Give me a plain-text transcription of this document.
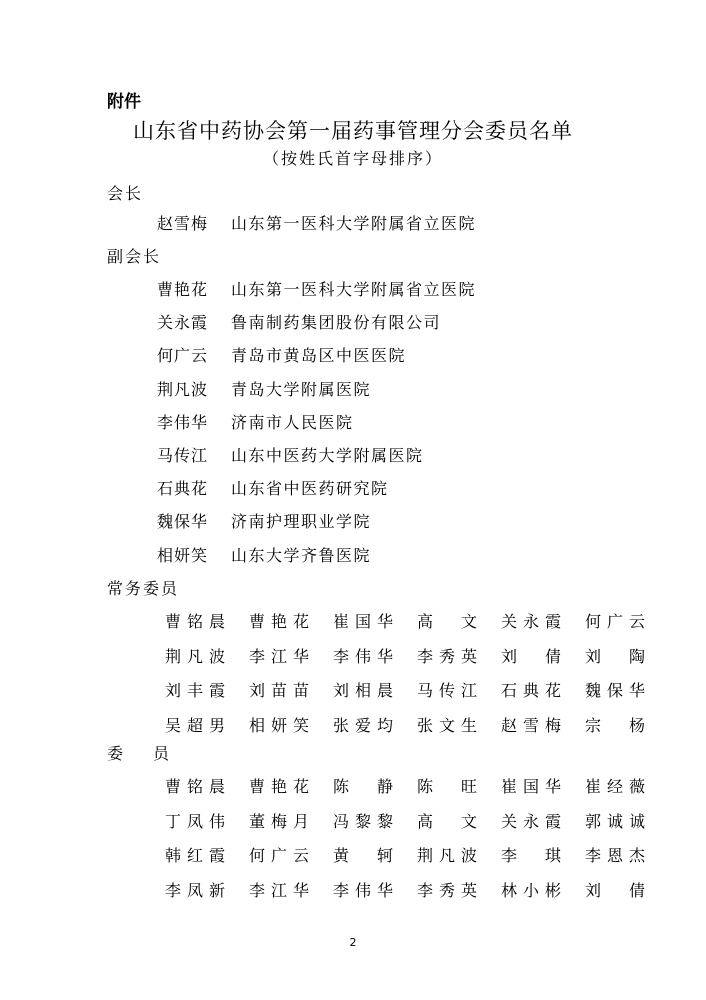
附件
山东省中药协会第一届药事管理分会委员名单
（按姓氏首字母排序）
会长
赵雪梅 山东第一医科大学附属省立医院
副会长
曹艳花 山东第一医科大学附属省立医院
关永霞 鲁南制药集团股份有限公司
何广云 青岛市黄岛区中医医院
荆凡波 青岛大学附属医院
李伟华 济南市人民医院
马传江 山东中医药大学附属医院
石典花 山东省中医药研究院
魏保华 济南护理职业学院
相妍笑 山东大学齐鲁医院
常务委员
曹铭晨 曹艳花 崔国华 高文 关永霞 何广云
荆凡波 李江华 李伟华 李秀英 刘倩 刘陶
刘丰霞 刘苗苗 刘相晨 马传江 石典花 魏保华
吴超男 相妍笑 张爱均 张文生 赵雪梅 宗杨
委员
曹铭晨 曹艳花 陈静 陈旺 崔国华 崔经薇
丁凤伟 董梅月 冯黎黎 高文 关永霞 郭诚诚
韩红霞 何广云 黄轲 荆凡波 李琪 李恩杰
李凤新 李江华 李伟华 李秀英 林小彬 刘倩
2
